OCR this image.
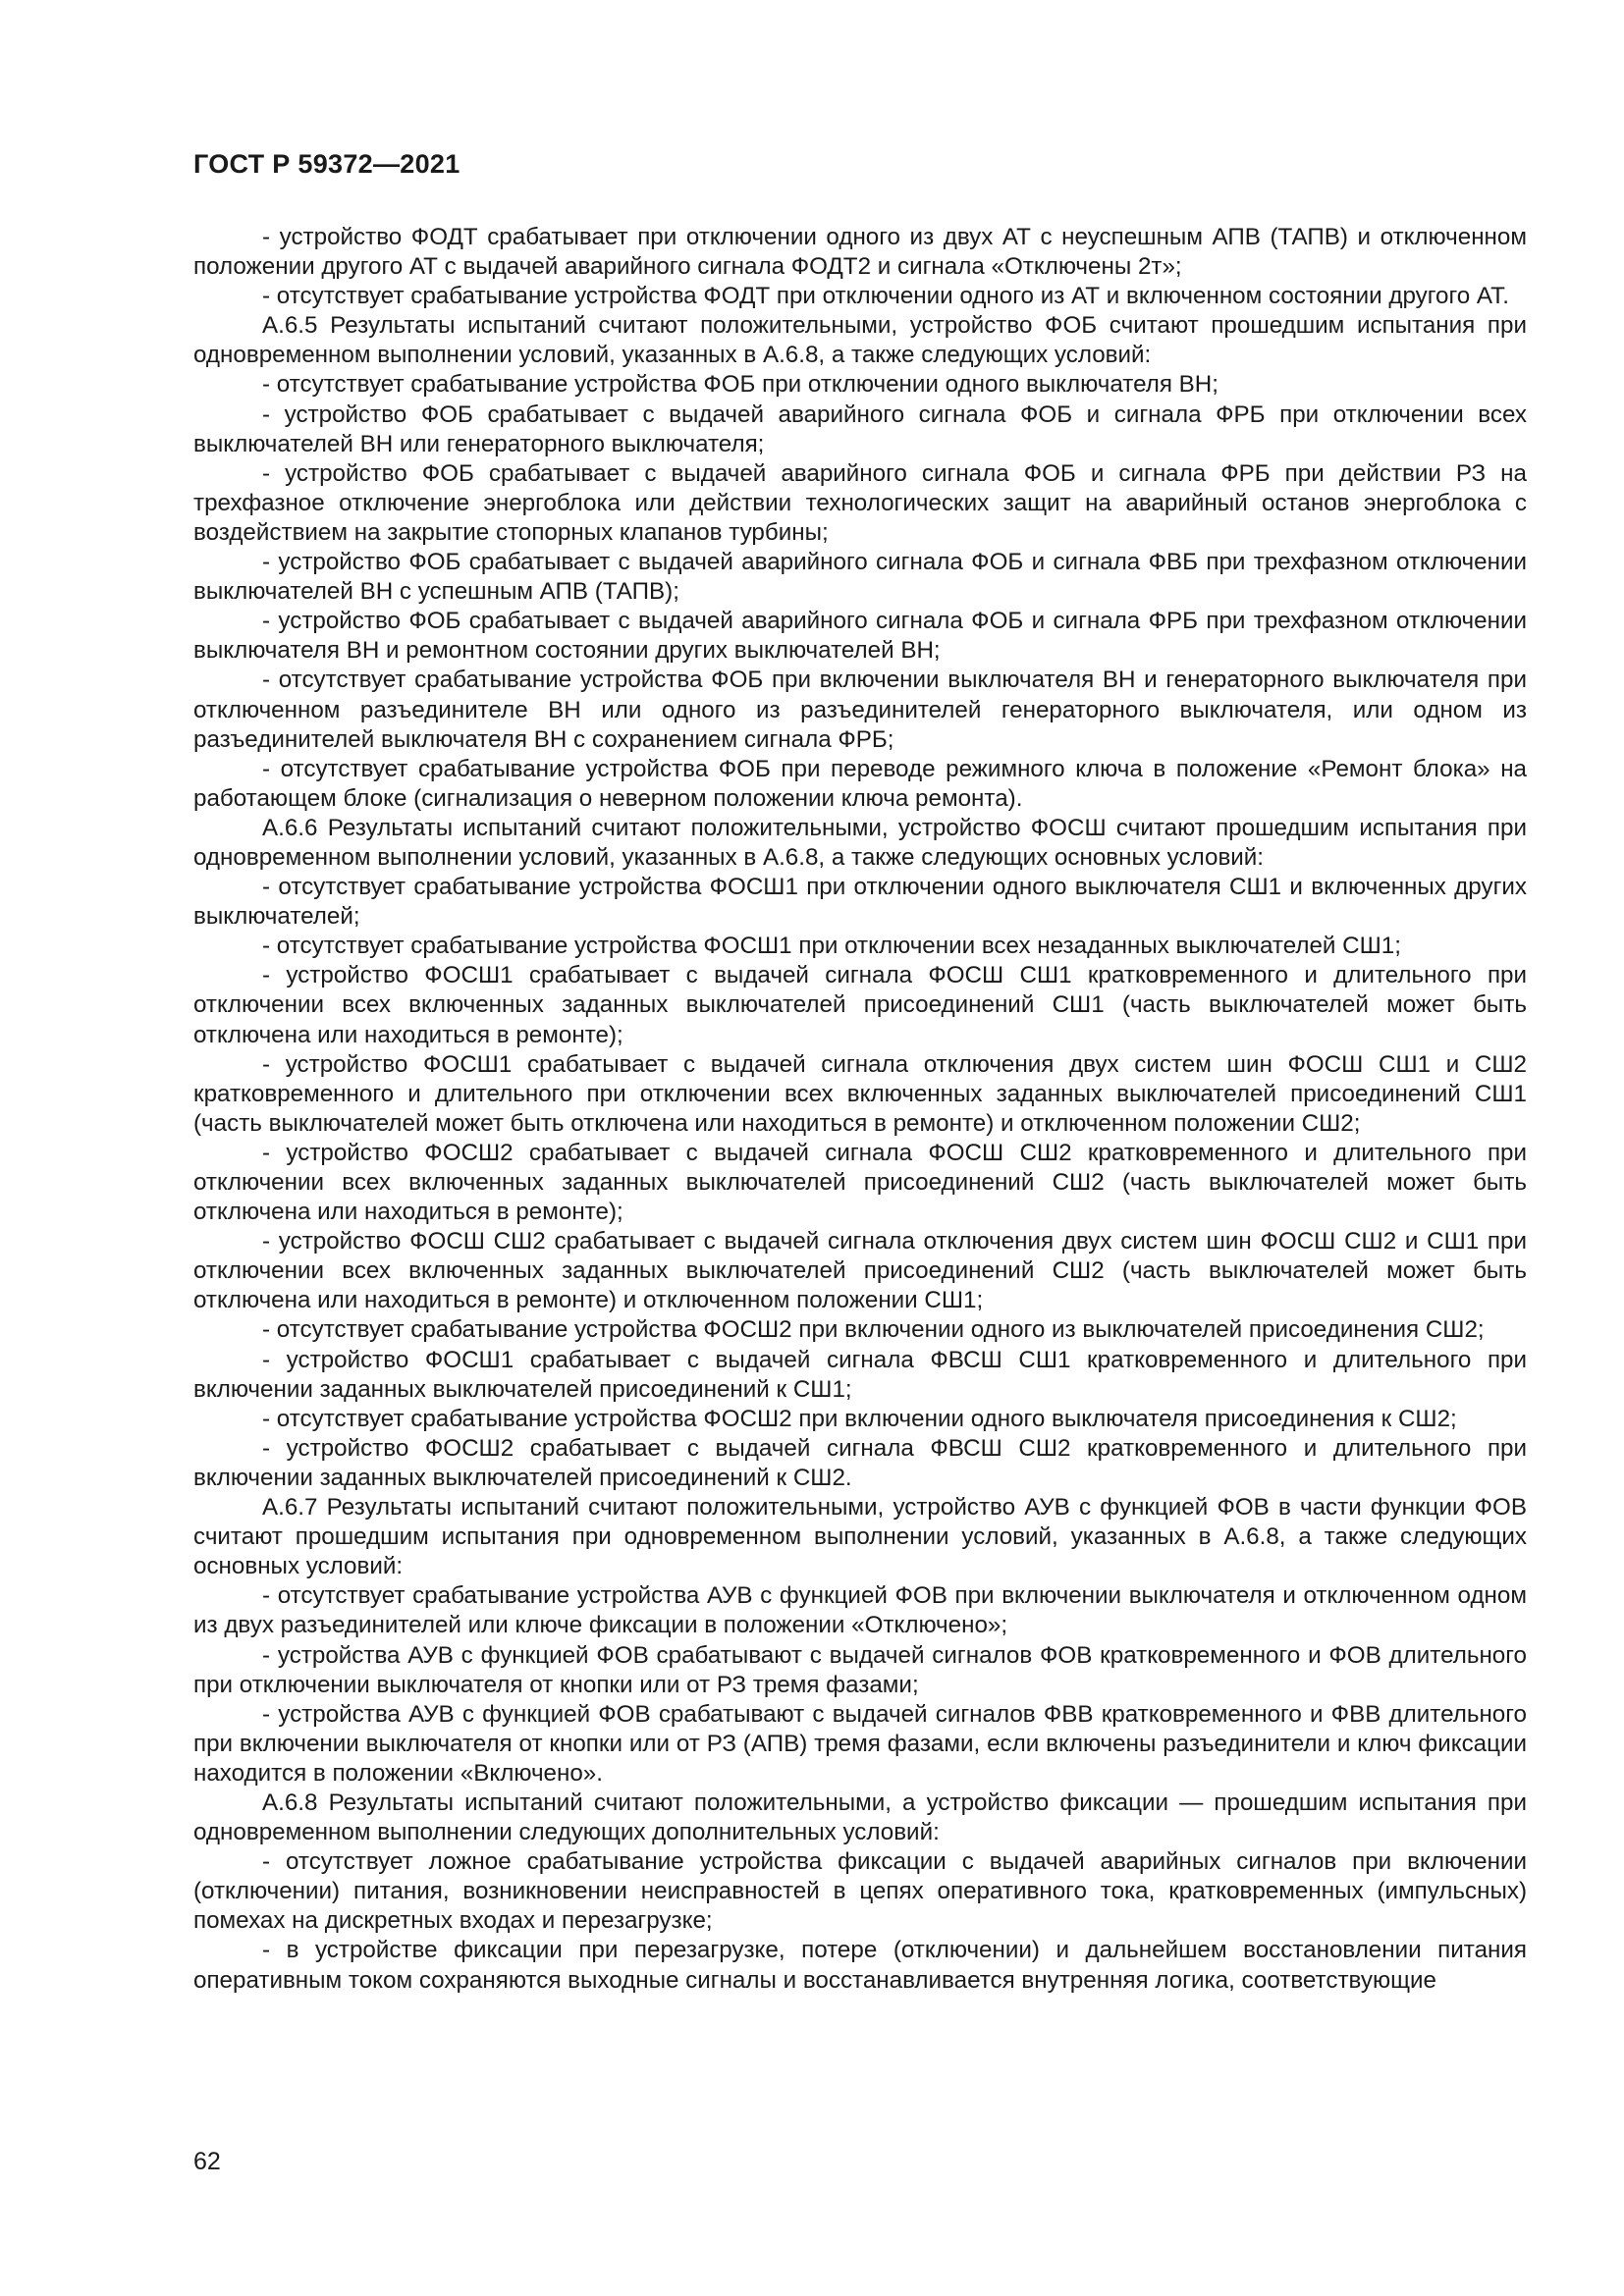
ГОСТ Р 59372—2021

- устройство ФОДТ срабатывает при отключении одного из двух АТ с неуспешным АПВ (ТАПВ) и отключенном положении другого АТ с выдачей аварийного сигнала ФОДТ2 и сигнала «Отключены 2т»;

- отсутствует срабатывание устройства ФОДТ при отключении одного из АТ и включенном состоянии другого АТ.

А.6.5 Результаты испытаний считают положительными, устройство ФОБ считают прошедшим испытания при одновременном выполнении условий, указанных в А.6.8, а также следующих условий:

- отсутствует срабатывание устройства ФОБ при отключении одного выключателя ВН;

- устройство ФОБ срабатывает с выдачей аварийного сигнала ФОБ и сигнала ФРБ при отключении всех выключателей ВН или генераторного выключателя;

- устройство ФОБ срабатывает с выдачей аварийного сигнала ФОБ и сигнала ФРБ при действии РЗ на трехфазное отключение энергоблока или действии технологических защит на аварийный останов энергоблока с воздействием на закрытие стопорных клапанов турбины;

- устройство ФОБ срабатывает с выдачей аварийного сигнала ФОБ и сигнала ФВБ при трехфазном отключении выключателей ВН с успешным АПВ (ТАПВ);

- устройство ФОБ срабатывает с выдачей аварийного сигнала ФОБ и сигнала ФРБ при трехфазном отключении выключателя ВН и ремонтном состоянии других выключателей ВН;

- отсутствует срабатывание устройства ФОБ при включении выключателя ВН и генераторного выключателя при отключенном разъединителе ВН или одного из разъединителей генераторного выключателя, или одном из разъединителей выключателя ВН с сохранением сигнала ФРБ;

- отсутствует срабатывание устройства ФОБ при переводе режимного ключа в положение «Ремонт блока» на работающем блоке (сигнализация о неверном положении ключа ремонта).

А.6.6 Результаты испытаний считают положительными, устройство ФОСШ считают прошедшим испытания при одновременном выполнении условий, указанных в А.6.8, а также следующих основных условий:

- отсутствует срабатывание устройства ФОСШ1 при отключении одного выключателя СШ1 и включенных других выключателей;

- отсутствует срабатывание устройства ФОСШ1 при отключении всех незаданных выключателей СШ1;

- устройство ФОСШ1 срабатывает с выдачей сигнала ФОСШ СШ1 кратковременного и длительного при отключении всех включенных заданных выключателей присоединений СШ1 (часть выключателей может быть отключена или находиться в ремонте);

- устройство ФОСШ1 срабатывает с выдачей сигнала отключения двух систем шин ФОСШ СШ1 и СШ2 кратковременного и длительного при отключении всех включенных заданных выключателей присоединений СШ1 (часть выключателей может быть отключена или находиться в ремонте) и отключенном положении СШ2;

- устройство ФОСШ2 срабатывает с выдачей сигнала ФОСШ СШ2 кратковременного и длительного при отключении всех включенных заданных выключателей присоединений СШ2 (часть выключателей может быть отключена или находиться в ремонте);

- устройство ФОСШ СШ2 срабатывает с выдачей сигнала отключения двух систем шин ФОСШ СШ2 и СШ1 при отключении всех включенных заданных выключателей присоединений СШ2 (часть выключателей может быть отключена или находиться в ремонте) и отключенном положении СШ1;

- отсутствует срабатывание устройства ФОСШ2 при включении одного из выключателей присоединения СШ2;

- устройство ФОСШ1 срабатывает с выдачей сигнала ФВСШ СШ1 кратковременного и длительного при включении заданных выключателей присоединений к СШ1;

- отсутствует срабатывание устройства ФОСШ2 при включении одного выключателя присоединения к СШ2;

- устройство ФОСШ2 срабатывает с выдачей сигнала ФВСШ СШ2 кратковременного и длительного при включении заданных выключателей присоединений к СШ2.

А.6.7 Результаты испытаний считают положительными, устройство АУВ с функцией ФОВ в части функции ФОВ считают прошедшим испытания при одновременном выполнении условий, указанных в А.6.8, а также следующих основных условий:

- отсутствует срабатывание устройства АУВ с функцией ФОВ при включении выключателя и отключенном одном из двух разъединителей или ключе фиксации в положении «Отключено»;

- устройства АУВ с функцией ФОВ срабатывают с выдачей сигналов ФОВ кратковременного и ФОВ длительного при отключении выключателя от кнопки или от РЗ тремя фазами;

- устройства АУВ с функцией ФОВ срабатывают с выдачей сигналов ФВВ кратковременного и ФВВ длительного при включении выключателя от кнопки или от РЗ (АПВ) тремя фазами, если включены разъединители и ключ фиксации находится в положении «Включено».

А.6.8 Результаты испытаний считают положительными, а устройство фиксации — прошедшим испытания при одновременном выполнении следующих дополнительных условий:

- отсутствует ложное срабатывание устройства фиксации с выдачей аварийных сигналов при включении (отключении) питания, возникновении неисправностей в цепях оперативного тока, кратковременных (импульсных) помехах на дискретных входах и перезагрузке;

- в устройстве фиксации при перезагрузке, потере (отключении) и дальнейшем восстановлении питания оперативным током сохраняются выходные сигналы и восстанавливается внутренняя логика, соответствующие

62
